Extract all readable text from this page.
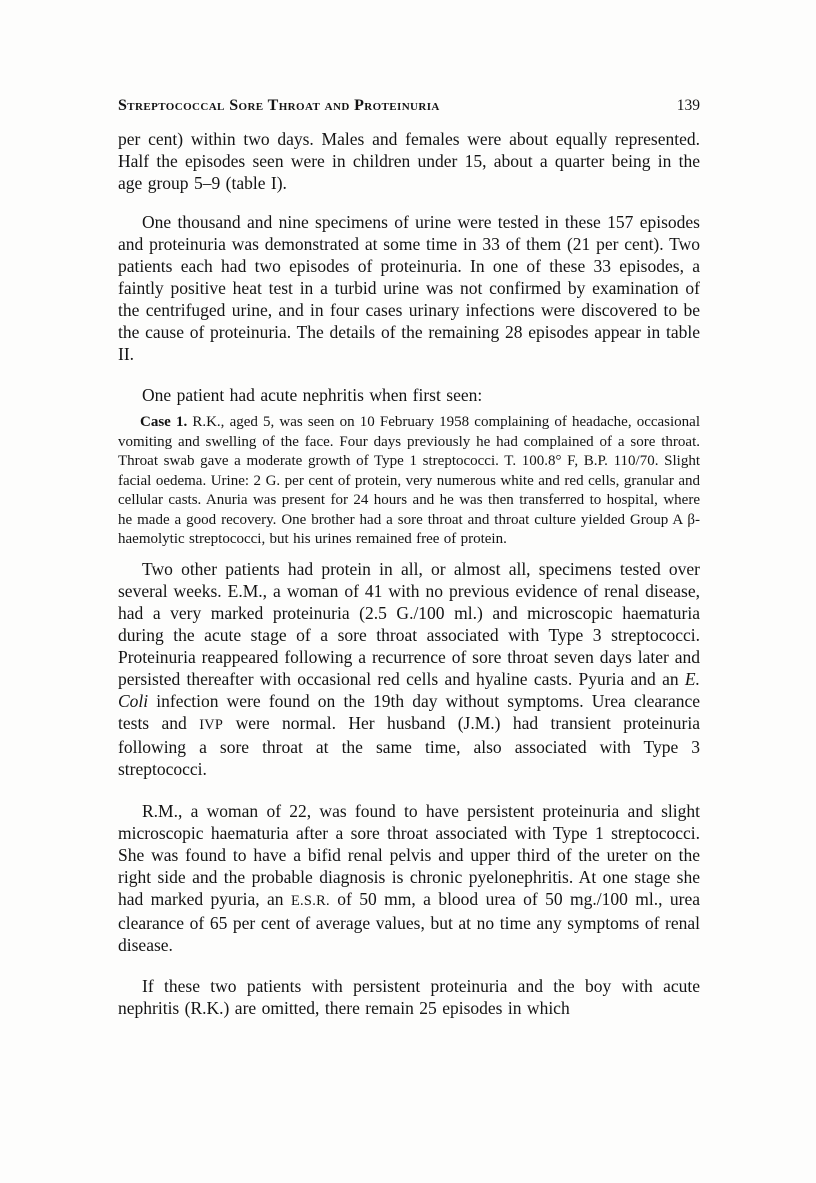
Streptococcal Sore Throat and Proteinuria	139

per cent) within two days. Males and females were about equally represented. Half the episodes seen were in children under 15, about a quarter being in the age group 5–9 (table I).

One thousand and nine specimens of urine were tested in these 157 episodes and proteinuria was demonstrated at some time in 33 of them (21 per cent). Two patients each had two episodes of proteinuria. In one of these 33 episodes, a faintly positive heat test in a turbid urine was not confirmed by examination of the centrifuged urine, and in four cases urinary infections were discovered to be the cause of proteinuria. The details of the remaining 28 episodes appear in table II.

One patient had acute nephritis when first seen:

Case 1. R.K., aged 5, was seen on 10 February 1958 complaining of headache, occasional vomiting and swelling of the face. Four days previously he had complained of a sore throat. Throat swab gave a moderate growth of Type 1 streptococci. T. 100.8° F, B.P. 110/70. Slight facial oedema. Urine: 2 G. per cent of protein, very numerous white and red cells, granular and cellular casts. Anuria was present for 24 hours and he was then transferred to hospital, where he made a good recovery. One brother had a sore throat and throat culture yielded Group A β-haemolytic streptococci, but his urines remained free of protein.

Two other patients had protein in all, or almost all, specimens tested over several weeks. E.M., a woman of 41 with no previous evidence of renal disease, had a very marked proteinuria (2.5 G./100 ml.) and microscopic haematuria during the acute stage of a sore throat associated with Type 3 streptococci. Proteinuria reappeared following a recurrence of sore throat seven days later and persisted thereafter with occasional red cells and hyaline casts. Pyuria and an E. Coli infection were found on the 19th day without symptoms. Urea clearance tests and IVP were normal. Her husband (J.M.) had transient proteinuria following a sore throat at the same time, also associated with Type 3 streptococci.

R.M., a woman of 22, was found to have persistent proteinuria and slight microscopic haematuria after a sore throat associated with Type 1 streptococci. She was found to have a bifid renal pelvis and upper third of the ureter on the right side and the probable diagnosis is chronic pyelonephritis. At one stage she had marked pyuria, an E.S.R. of 50 mm, a blood urea of 50 mg./100 ml., urea clearance of 65 per cent of average values, but at no time any symptoms of renal disease.

If these two patients with persistent proteinuria and the boy with acute nephritis (R.K.) are omitted, there remain 25 episodes in which
